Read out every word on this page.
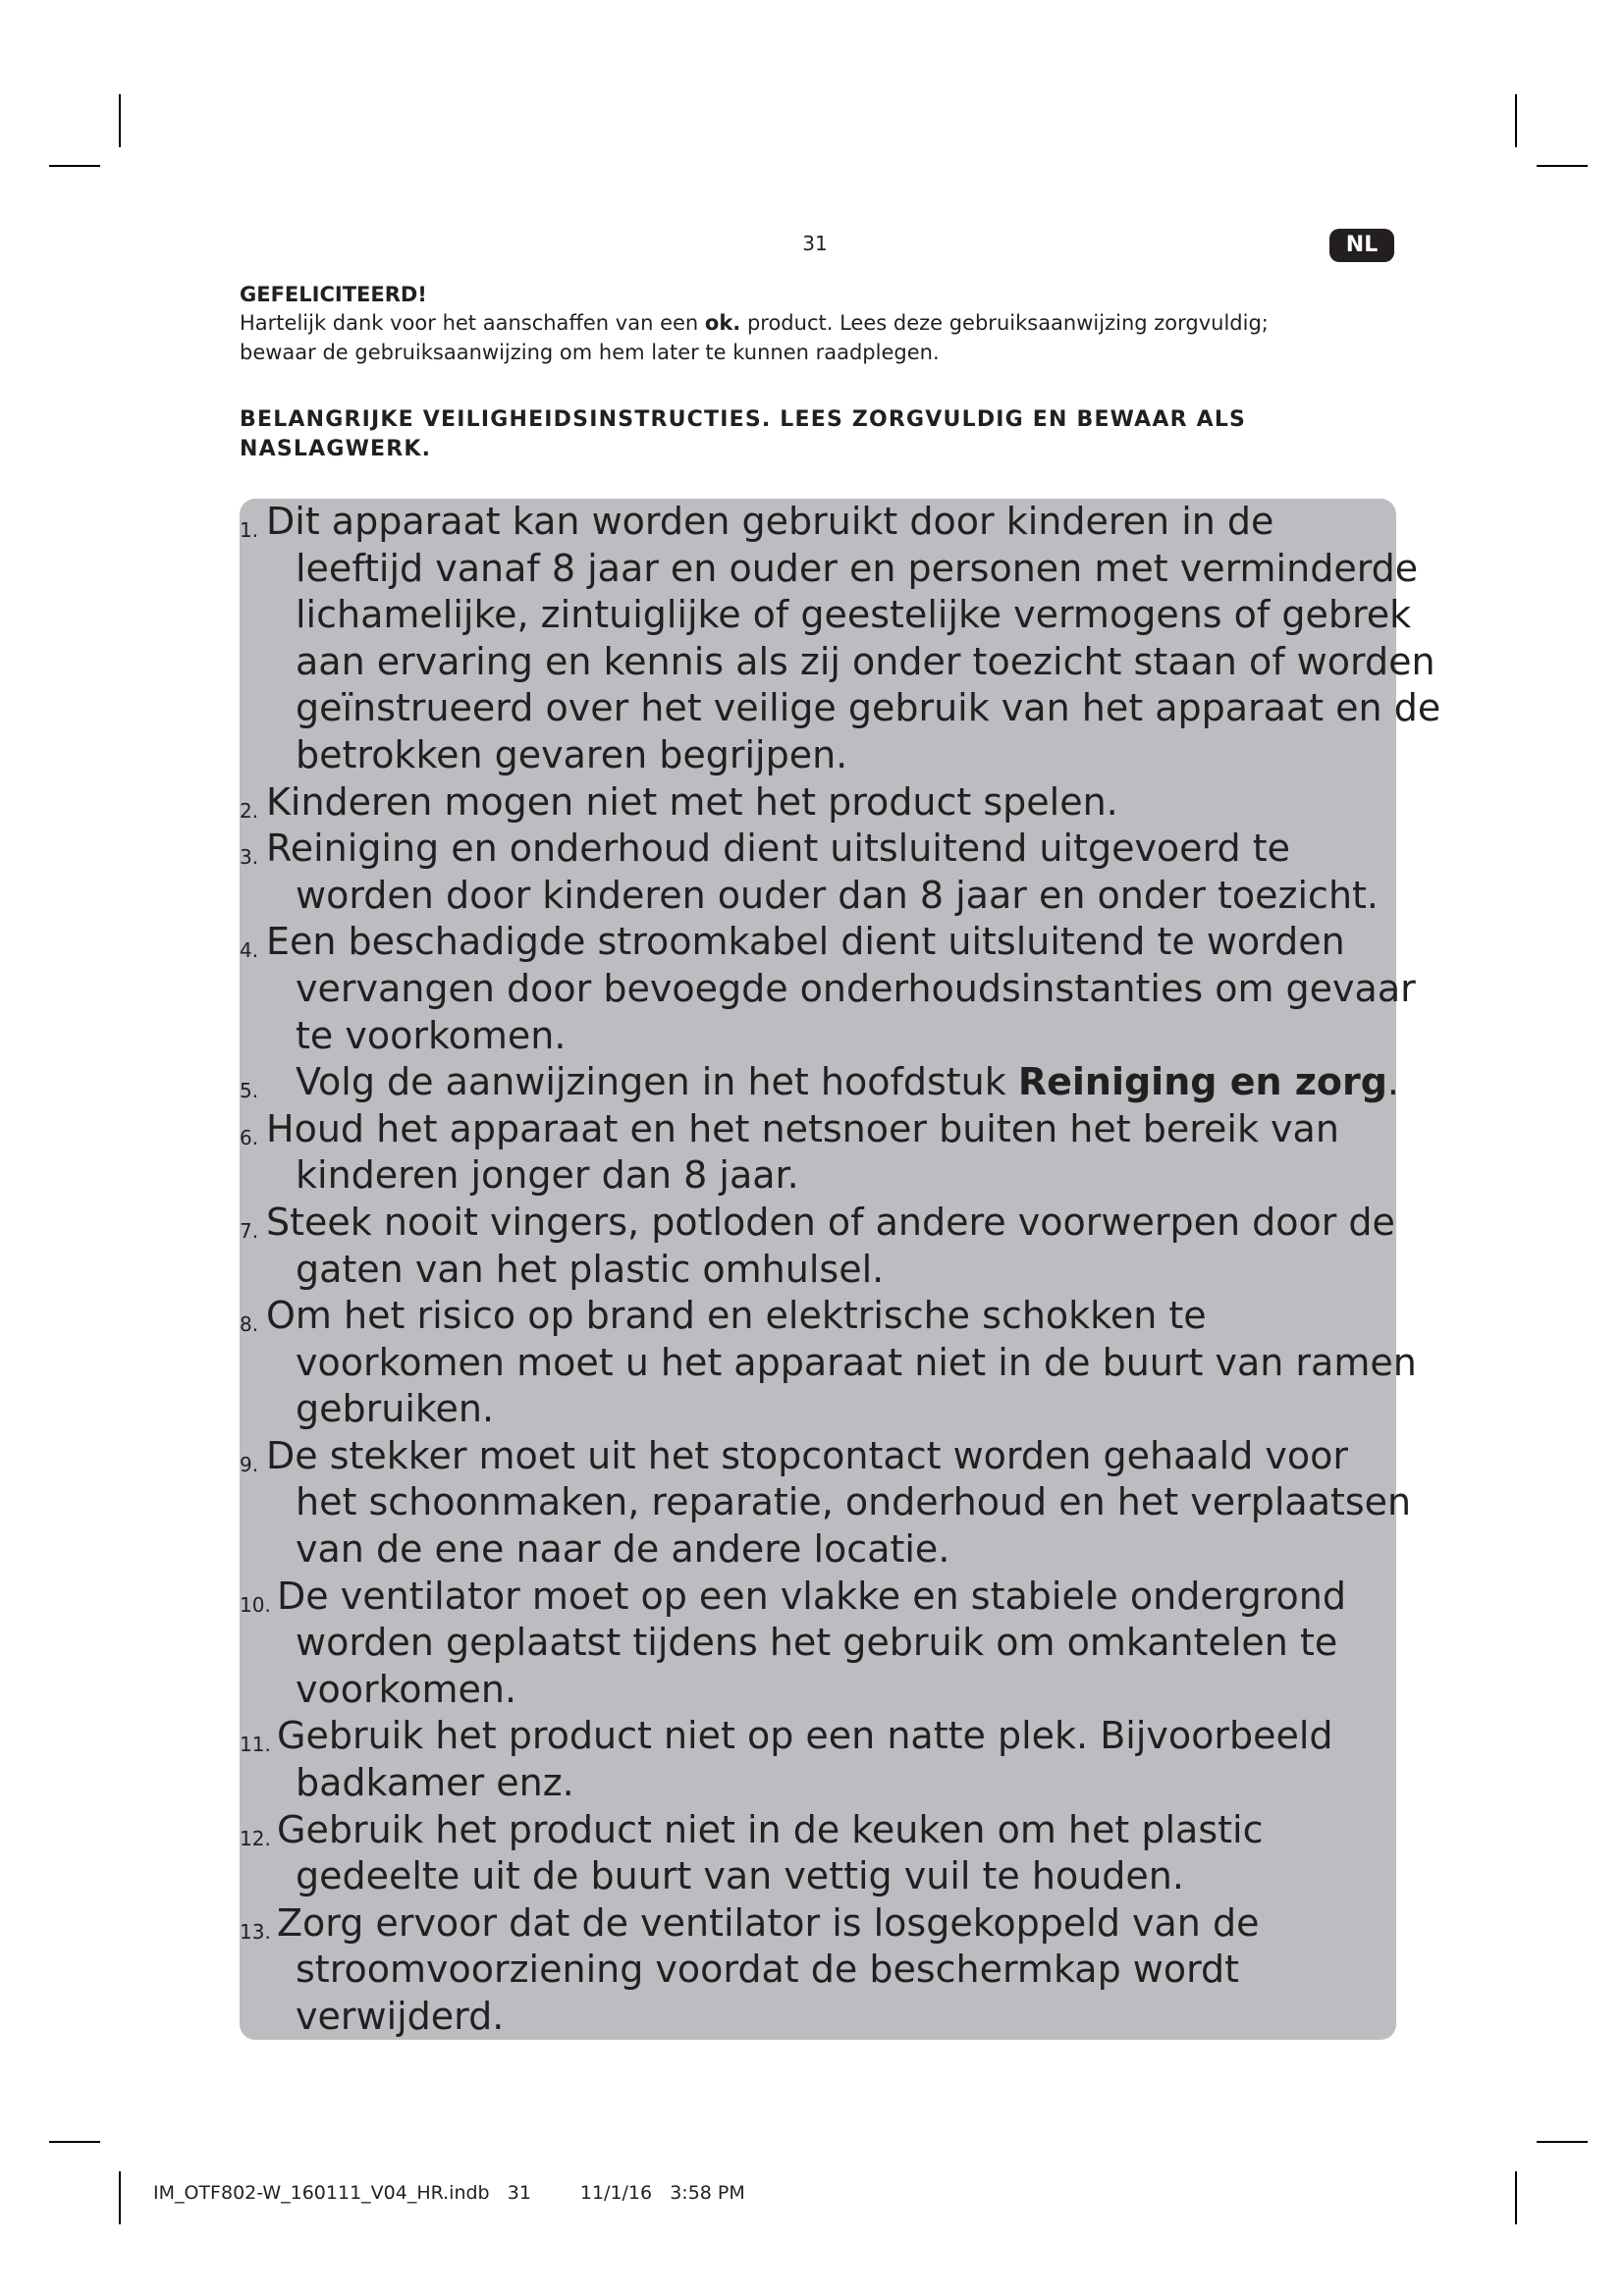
31	NL
GEFELICITEERD!
Hartelijk dank voor het aanschaffen van een ok. product. Lees deze gebruiksaanwijzing zorgvuldig;
bewaar de gebruiksaanwijzing om hem later te kunnen raadplegen.
BELANGRIJKE VEILIGHEIDSINSTRUCTIES. LEES ZORGVULDIG EN BEWAAR ALS
NASLAGWERK.
1. Dit apparaat kan worden gebruikt door kinderen in de
leeftijd vanaf 8 jaar en ouder en personen met verminderde
lichamelijke, zintuiglijke of geestelijke vermogens of gebrek
aan ervaring en kennis als zij onder toezicht staan of worden
geïnstrueerd over het veilige gebruik van het apparaat en de
betrokken gevaren begrijpen.
2. Kinderen mogen niet met het product spelen.
3. Reiniging en onderhoud dient uitsluitend uitgevoerd te
worden door kinderen ouder dan 8 jaar en onder toezicht.
4. Een beschadigde stroomkabel dient uitsluitend te worden
vervangen door bevoegde onderhoudsinstanties om gevaar
te voorkomen.
5. Volg de aanwijzingen in het hoofdstuk Reiniging en zorg.
6. Houd het apparaat en het netsnoer buiten het bereik van
kinderen jonger dan 8 jaar.
7. Steek nooit vingers, potloden of andere voorwerpen door de
gaten van het plastic omhulsel.
8. Om het risico op brand en elektrische schokken te
voorkomen moet u het apparaat niet in de buurt van ramen
gebruiken.
9. De stekker moet uit het stopcontact worden gehaald voor
het schoonmaken, reparatie, onderhoud en het verplaatsen
van de ene naar de andere locatie.
10. De ventilator moet op een vlakke en stabiele ondergrond
worden geplaatst tijdens het gebruik om omkantelen te
voorkomen.
11. Gebruik het product niet op een natte plek. Bijvoorbeeld
badkamer enz.
12. Gebruik het product niet in de keuken om het plastic
gedeelte uit de buurt van vettig vuil te houden.
13. Zorg ervoor dat de ventilator is losgekoppeld van de
stroomvoorziening voordat de beschermkap wordt
verwijderd.
IM_OTF802-W_160111_V04_HR.indb   31	11/1/16   3:58 PM
